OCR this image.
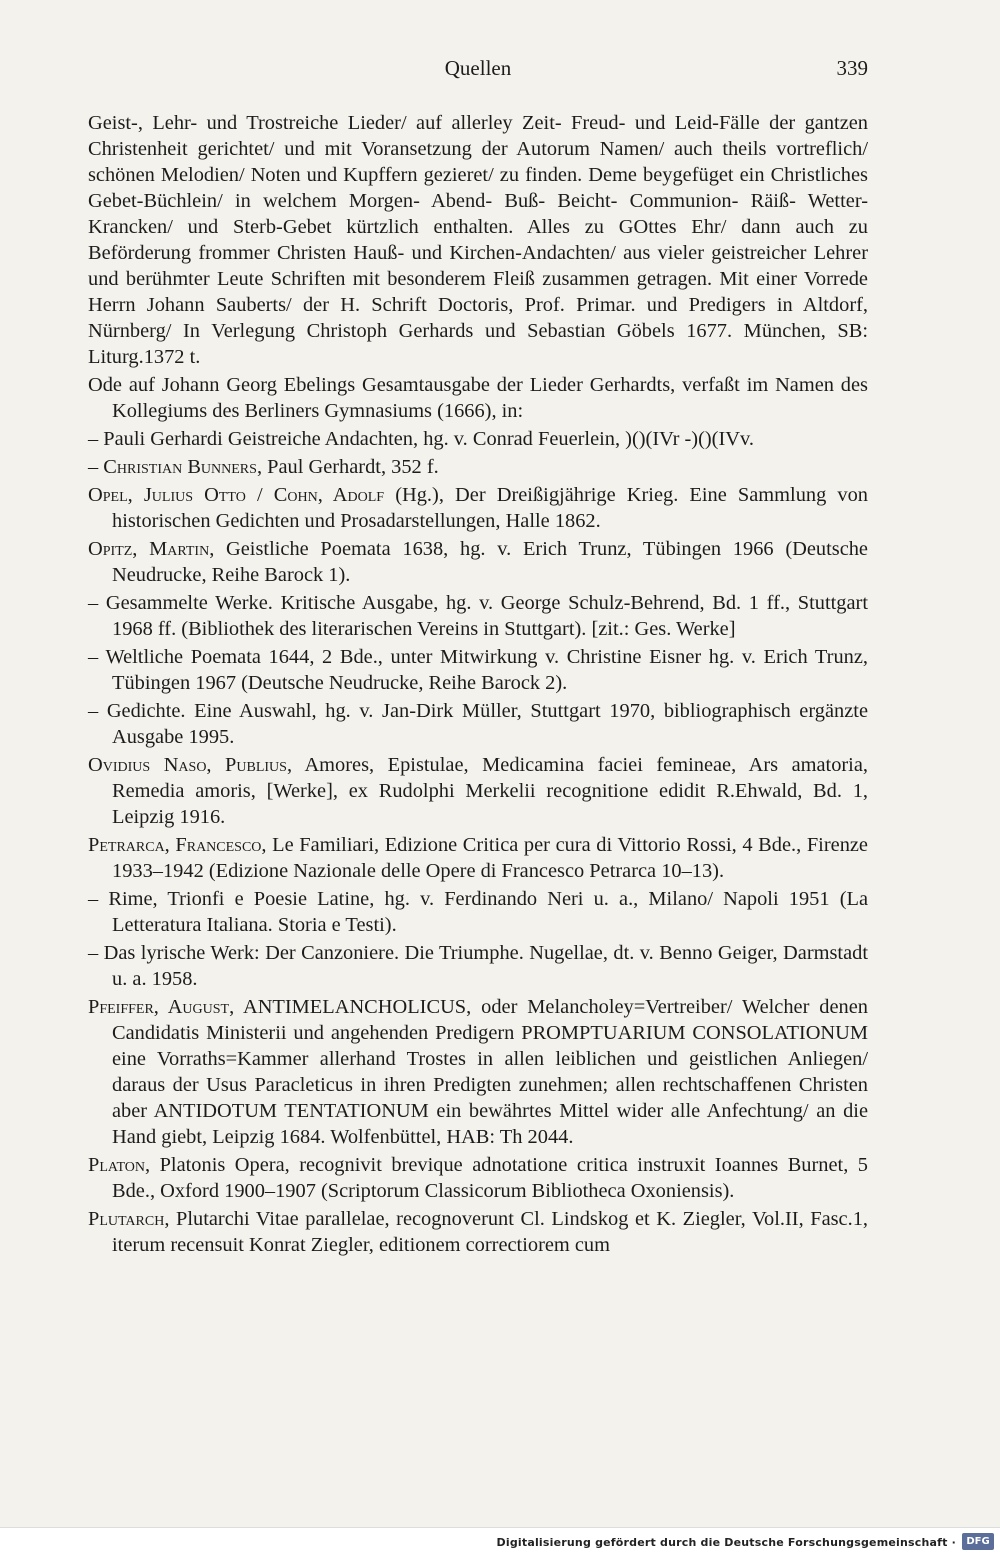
Quellen	339

Geist-, Lehr- und Trostreiche Lieder/ auf allerley Zeit- Freud- und Leid-Fälle der gantzen Christenheit gerichtet/ und mit Voransetzung der Autorum Namen/ auch theils vortreflich/ schönen Melodien/ Noten und Kupffern gezieret/ zu finden. Deme beygefüget ein Christliches Gebet-Büchlein/ in welchem Morgen- Abend- Buß- Beicht- Communion- Räiß- Wetter- Krancken/ und Sterb-Gebet kürtzlich enthalten. Alles zu GOttes Ehr/ dann auch zu Beförderung frommer Christen Hauß- und Kirchen-Andachten/ aus vieler geistreicher Lehrer und berühmter Leute Schriften mit besonderem Fleiß zusammen getragen. Mit einer Vorrede Herrn Johann Sauberts/ der H. Schrift Doctoris, Prof. Primar. und Predigers in Altdorf, Nürnberg/ In Verlegung Christoph Gerhards und Sebastian Göbels 1677. München, SB: Liturg.1372 t.

Ode auf Johann Georg Ebelings Gesamtausgabe der Lieder Gerhardts, verfaßt im Namen des Kollegiums des Berliners Gymnasiums (1666), in:

– Pauli Gerhardi Geistreiche Andachten, hg. v. Conrad Feuerlein, )()(IVr -)()(IVv.

– Christian Bunners, Paul Gerhardt, 352 f.

Opel, Julius Otto / Cohn, Adolf (Hg.), Der Dreißigjährige Krieg. Eine Sammlung von historischen Gedichten und Prosadarstellungen, Halle 1862.

Opitz, Martin, Geistliche Poemata 1638, hg. v. Erich Trunz, Tübingen 1966 (Deutsche Neudrucke, Reihe Barock 1).

– Gesammelte Werke. Kritische Ausgabe, hg. v. George Schulz-Behrend, Bd. 1 ff., Stuttgart 1968 ff. (Bibliothek des literarischen Vereins in Stuttgart). [zit.: Ges. Werke]

– Weltliche Poemata 1644, 2 Bde., unter Mitwirkung v. Christine Eisner hg. v. Erich Trunz, Tübingen 1967 (Deutsche Neudrucke, Reihe Barock 2).

– Gedichte. Eine Auswahl, hg. v. Jan-Dirk Müller, Stuttgart 1970, bibliographisch ergänzte Ausgabe 1995.

Ovidius Naso, Publius, Amores, Epistulae, Medicamina faciei femineae, Ars amatoria, Remedia amoris, [Werke], ex Rudolphi Merkelii recognitione edidit R.Ehwald, Bd. 1, Leipzig 1916.

Petrarca, Francesco, Le Familiari, Edizione Critica per cura di Vittorio Rossi, 4 Bde., Firenze 1933–1942 (Edizione Nazionale delle Opere di Francesco Petrarca 10–13).

– Rime, Trionfi e Poesie Latine, hg. v. Ferdinando Neri u. a., Milano/ Napoli 1951 (La Letteratura Italiana. Storia e Testi).

– Das lyrische Werk: Der Canzoniere. Die Triumphe. Nugellae, dt. v. Benno Geiger, Darmstadt u. a. 1958.

Pfeiffer, August, ANTIMELANCHOLICUS, oder Melancholey=Vertreiber/ Welcher denen Candidatis Ministerii und angehenden Predigern PROMPTUARIUM CONSOLATIONUM eine Vorraths=Kammer allerhand Trostes in allen leiblichen und geistlichen Anliegen/ daraus der Usus Paracleticus in ihren Predigten zunehmen; allen rechtschaffenen Christen aber ANTIDOTUM TENTATIONUM ein bewährtes Mittel wider alle Anfechtung/ an die Hand giebt, Leipzig 1684. Wolfenbüttel, HAB: Th 2044.

Platon, Platonis Opera, recognivit brevique adnotatione critica instruxit Ioannes Burnet, 5 Bde., Oxford 1900–1907 (Scriptorum Classicorum Bibliotheca Oxoniensis).

Plutarch, Plutarchi Vitae parallelae, recognoverunt Cl. Lindskog et K. Ziegler, Vol.II, Fasc.1, iterum recensuit Konrat Ziegler, editionem correctiorem cum

Digitalisierung gefördert durch die Deutsche Forschungsgemeinschaft ·	DFG
